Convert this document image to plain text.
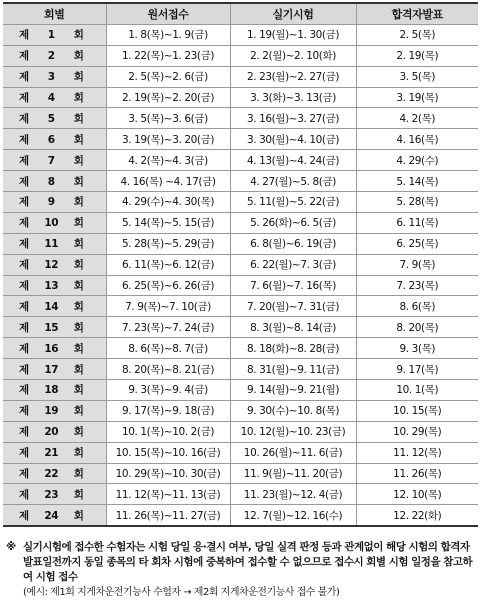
회별	원서접수	실기시험	합격자발표
제 1 회	1. 8(목)~1. 9(금)	1. 19(월)~1. 30(금)	2. 5(목)
제 2 회	1. 22(목)~1. 23(금)	2. 2(월)~2. 10(화)	2. 19(목)
제 3 회	2. 5(목)~2. 6(금)	2. 23(월)~2. 27(금)	3. 5(목)
제 4 회	2. 19(목)~2. 20(금)	3. 3(화)~3. 13(금)	3. 19(목)
제 5 회	3. 5(목)~3. 6(금)	3. 16(월)~3. 27(금)	4. 2(목)
제 6 회	3. 19(목)~3. 20(금)	3. 30(월)~4. 10(금)	4. 16(목)
제 7 회	4. 2(목)~4. 3(금)	4. 13(월)~4. 24(금)	4. 29(수)
제 8 회	4. 16(목) ~4. 17(금)	4. 27(월)~5. 8(금)	5. 14(목)
제 9 회	4. 29(수)~4. 30(목)	5. 11(월)~5. 22(금)	5. 28(목)
제 10 회	5. 14(목)~5. 15(금)	5. 26(화)~6. 5(금)	6. 11(목)
제 11 회	5. 28(목)~5. 29(금)	6. 8(월)~6. 19(금)	6. 25(목)
제 12 회	6. 11(목)~6. 12(금)	6. 22(월)~7. 3(금)	7. 9(목)
제 13 회	6. 25(목)~6. 26(금)	7. 6(월)~7. 16(목)	7. 23(목)
제 14 회	7. 9(목)~7. 10(금)	7. 20(월)~7. 31(금)	8. 6(목)
제 15 회	7. 23(목)~7. 24(금)	8. 3(월)~8. 14(금)	8. 20(목)
제 16 회	8. 6(목)~8. 7(금)	8. 18(화)~8. 28(금)	9. 3(목)
제 17 회	8. 20(목)~8. 21(금)	8. 31(월)~9. 11(금)	9. 17(목)
제 18 회	9. 3(목)~9. 4(금)	9. 14(월)~9. 21(월)	10. 1(목)
제 19 회	9. 17(목)~9. 18(금)	9. 30(수)~10. 8(목)	10. 15(목)
제 20 회	10. 1(목)~10. 2(금)	10. 12(월)~10. 23(금)	10. 29(목)
제 21 회	10. 15(목)~10. 16(금)	10. 26(월)~11. 6(금)	11. 12(목)
제 22 회	10. 29(목)~10. 30(금)	11. 9(월)~11. 20(금)	11. 26(목)
제 23 회	11. 12(목)~11. 13(금)	11. 23(월)~12. 4(금)	12. 10(목)
제 24 회	11. 26(목)~11. 27(금)	12. 7(월)~12. 16(수)	12. 22(화)
※ 실기시험에 접수한 수험자는 시험 당일 응·결시 여부, 당일 실격 판정 등과 관계없이 해당 시험의 합격자 발표일전까지 동일 종목의 타 회차 시험에 중복하여 접수할 수 없으므로 접수시 회별 시험 일정을 참고하여 시험 접수
(예시: 제1회 지게차운전기능사 수험자 → 제2회 지게차운전기능사 접수 불가)
